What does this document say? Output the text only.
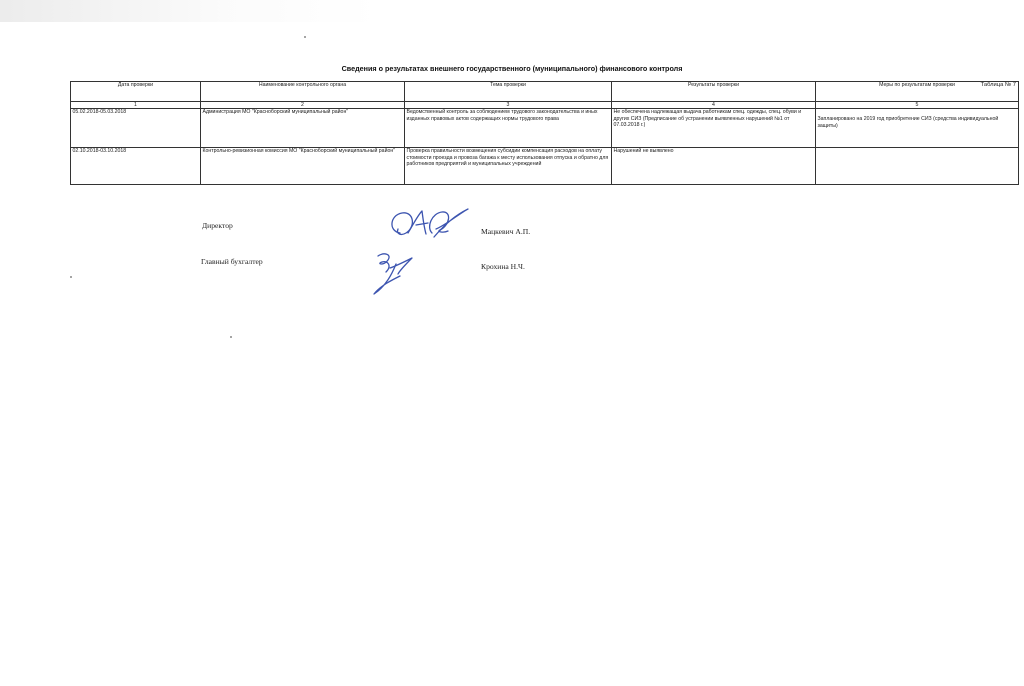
Сведения о результатах внешнего государственного (муниципального) финансового контроля
Таблица № 7
Дата проверки	Наименование контрольного органа	Тема проверки	Результаты проверки	Меры по результатам проверки
1	2	3	4	5
05.02.2018-05.03.2018	Администрация МО "Красноборский муниципальный район"	Ведомственный контроль за соблюдением трудового законодательства и иных изданных правовых актов содержащих нормы трудового права	Не обеспечена надлежащая выдача работникам спец. одежды, спец. обуви и других СИЗ (Предписание об устранении выявленных нарушений №1 от 07.03.2018 г.)	Запланировано на 2019 год приобретение СИЗ (средства индивидуальной защиты)
02.10.2018-03.10.2018	Контрольно-ревизионная комиссия МО "Красноборский муниципальный район"	Проверка правильности возмещения субсидии компенсация расходов на оплату стоимости проезда и провоза багажа к месту использования отпуска и обратно для работников предприятий и муниципальных учреждений	Нарушений не выявлено	
Директор
Мацкевич А.П.
Главный бухгалтер
Крохина Н.Ч.
